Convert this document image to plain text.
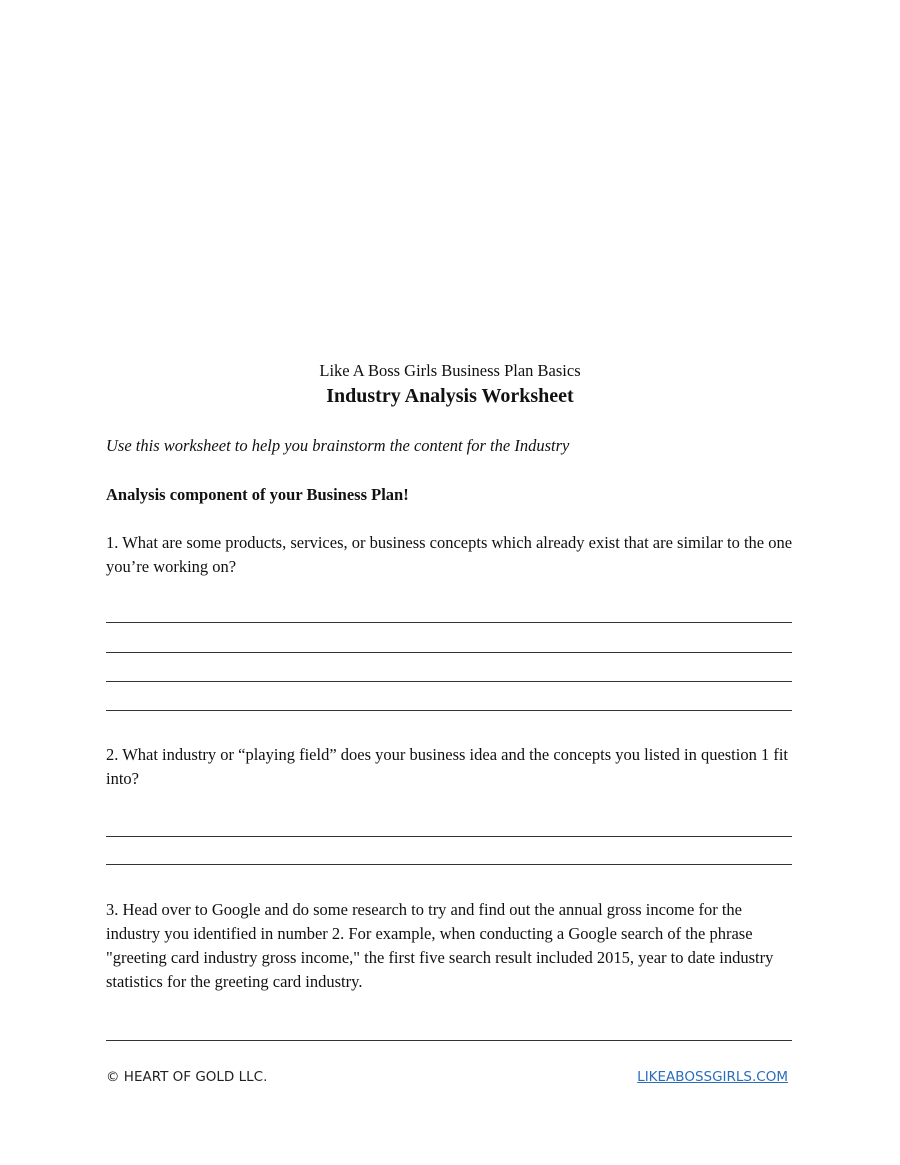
Like A Boss Girls Business Plan Basics
Industry Analysis Worksheet
Use this worksheet to help you brainstorm the content for the Industry
Analysis component of your Business Plan!
1. What are some products, services, or business concepts which already exist that are similar to the one you’re working on?
2. What industry or “playing field” does your business idea and the concepts you listed in question 1 fit into?
3. Head over to Google and do some research to try and find out the annual gross income for the industry you identified in number 2. For example, when conducting a Google search of the phrase "greeting card industry gross income," the first five search result included 2015, year to date industry statistics for the greeting card industry.
© HEART OF GOLD LLC.	LIKEABOSSGIRLS.COM
